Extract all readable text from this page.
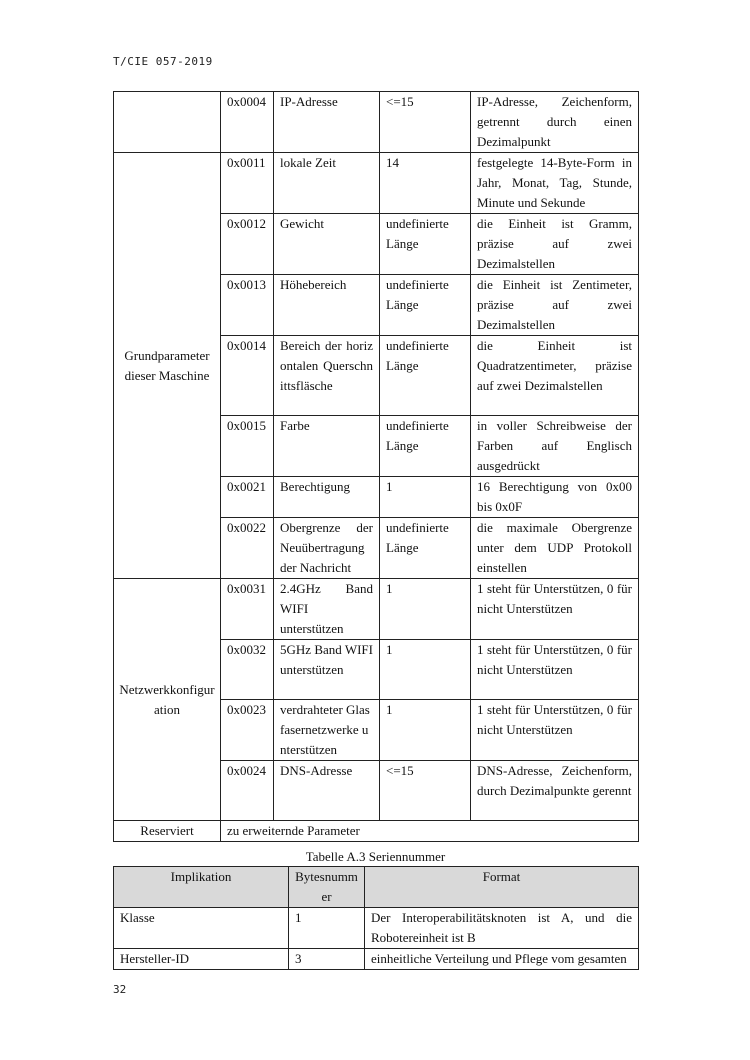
T/CIE 057-2019
	0x0004	IP-Adresse	<=15	IP-Adresse, Zeichenform, getrennt durch einen Dezimalpunkt
Grundparameter dieser Maschine	0x0011	lokale Zeit	14	festgelegte 14-Byte-Form in Jahr, Monat, Tag, Stunde, Minute und Sekunde
	0x0012	Gewicht	undefinierte Länge	die Einheit ist Gramm, präzise auf zwei Dezimalstellen
	0x0013	Höhebereich	undefinierte Länge	die Einheit ist Zentimeter, präzise auf zwei Dezimalstellen
	0x0014	Bereich der horizontalen Querschnittsfläsche	undefinierte Länge	die Einheit ist Quadratzentimeter, präzise auf zwei Dezimalstellen
	0x0015	Farbe	undefinierte Länge	in voller Schreibweise der Farben auf Englisch ausgedrückt
	0x0021	Berechtigung	1	16 Berechtigung von 0x00 bis 0x0F
	0x0022	Obergrenze der Neuübertragung der Nachricht	undefinierte Länge	die maximale Obergrenze unter dem UDP Protokoll einstellen
Netzwerkkonfiguration	0x0031	2.4GHz Band WIFI unterstützen	1	1 steht für Unterstützen, 0 für nicht Unterstützen
	0x0032	5GHz Band WIFI unterstützen	1	1 steht für Unterstützen, 0 für nicht Unterstützen
	0x0023	verdrahteter Glasfasernetzwerke unterstützen	1	1 steht für Unterstützen, 0 für nicht Unterstützen
	0x0024	DNS-Adresse	<=15	DNS-Adresse, Zeichenform, durch Dezimalpunkte gerennt
Reserviert	zu erweiternde Parameter			
Tabelle A.3 Seriennummer
Implikation	Bytesnummer	Format
Klasse	1	Der Interoperabilitätsknoten ist A, und die Robotereinheit ist B
Hersteller-ID	3	einheitliche Verteilung und Pflege vom gesamten
32
